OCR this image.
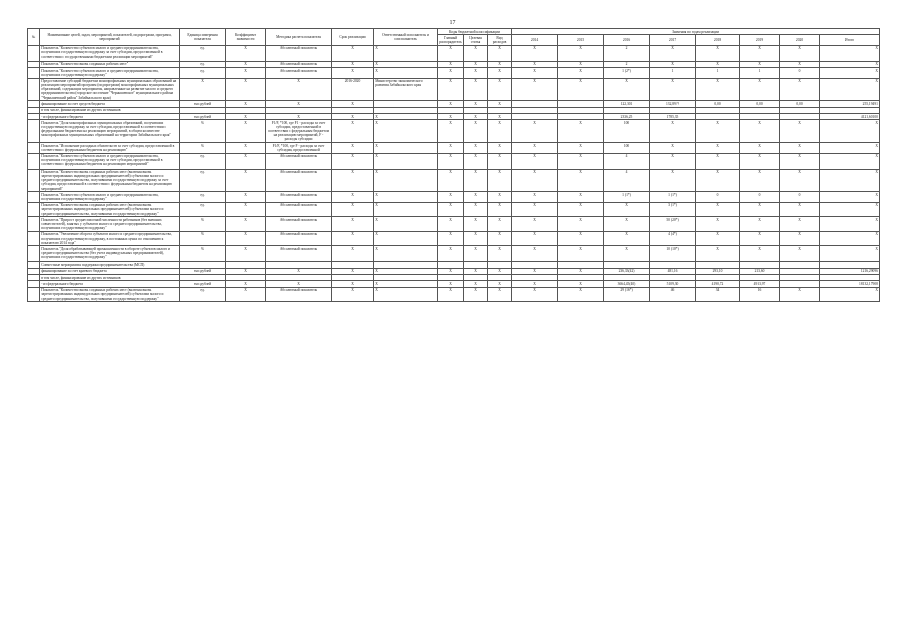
17
№	Наименование целей, задач, мероприятий, показателей, подпрограмм, программ, мероприятий	Единица измерения показателя	Коэффициент значимости	Методика расчета показателя	Срок реализации	Ответственный исполнитель и соисполнитель	Коды бюджетной классификации			Значения по годам реализации							
							Главный распорядитель	Целевая статья	Вид расходов	2014	2015	2016	2017	2018	2019	2020	Итого
	Показатель "Количество субъектов малого и среднего предпринимательства, получивших государственную поддержку за счет субсидии, предоставленной в соответствии с государственными бюджетами реализации мероприятий"	ед.	Х	Абсолютный показатель	Х	Х	Х	Х	Х	Х	Х	2	Х	Х	Х	Х	Х
	Показатель "Количество вновь созданных рабочих мест"	ед.	Х	Абсолютный показатель	Х	Х	Х	Х	Х	Х	Х	2	Х	Х	Х	Х	Х
	Показатель "Количество субъектов малого и среднего предпринимательства, получивших государственную поддержку"	ед.	Х	Абсолютный показатель	Х	Х	Х	Х	Х	Х	Х	1 (2*)	1	1	1	0	Х
	Предоставление субсидий бюджетам монопрофильных муниципальных образований на реализацию мероприятий программ (подпрограмм) монопрофильных муниципальных образований, содержащих мероприятия, направленные на развитие малого и среднего предпринимательства (городское поселение "Чернышевское" муниципального района "Чернышевский район" Забайкальского края)	Х	Х	Х	2016-2020	Министерство экономического развития Забайкальского края	Х	Х	Х	Х	Х	Х	Х	Х	Х	Х	Х
	финансирование за счет средств бюджета	тыс.рублей	Х	Х	Х		Х	Х	Х			122,301	132,89??	0,00	0,00	0,00	255,19491
	в том числе, финансирование из других источников:																
	- из федерального бюджета	тыс.рублей	Х	Х	Х	Х	Х	Х	Х			2336,25	1785,35				4121,60100
	Показатель "Доля монопрофильных муниципальных образований, получивших государственную поддержку за счет субсидии, предоставленной в соответствии с федеральными бюджетами на реализацию мероприятий, в общем количестве монопрофильных муниципальных образований на территории Забайкальского края"	%	Х	F1/F, *100, где F1 - расходы за счет субсидии, предоставленной в соответствии с федеральным бюджетом на реализацию мероприятий, F - расходы субсидии	Х	Х	Х	Х	Х	Х	Х	100	Х	Х	Х	Х	Х
	Показатель "Исполнение расходных обязательств за счет субсидии, предоставленной в соответствии с федеральным бюджетом на реализацию"	%	Х	F1/F, *100, где F - расходы за счет субсидии, предоставленной	Х	Х	Х	Х	Х	Х	Х	100	Х	Х	Х	Х	Х
	Показатель "Количество субъектов малого и среднего предпринимательства, получивших государственную поддержку за счет субсидии, предоставленной в соответствии с федеральным бюджетом на реализацию мероприятий"	ед.	Х	Абсолютный показатель	Х	Х	Х	Х	Х	Х	Х	4	Х	Х	Х	Х	Х
	Показатель "Количество вновь созданных рабочих мест (включая вновь зарегистрированных индивидуальных предпринимателей) субъектами малого и среднего предпринимательства, получившими государственную поддержку за счет субсидии, предоставленной в соответствии с федеральным бюджетом на реализацию мероприятий"	ед.	Х	Абсолютный показатель	Х	Х	Х	Х	Х	Х	Х	4	Х	Х	Х	Х	Х
	Показатель "Количество субъектов малого и среднего предпринимательства, получивших государственную поддержку"	ед.	Х	Абсолютный показатель	Х	Х	Х	Х	Х	Х	Х	1 (1*)	1 (1*)	0	0	0	Х
	Показатель "Количество вновь созданных рабочих мест (включая вновь зарегистрированных индивидуальных предпринимателей) субъектами малого и среднего предпринимательства, получившими государственную поддержку"	ед.	Х	Абсолютный показатель	Х	Х	Х	Х	Х	Х	Х	Х	3 (1*)	Х	Х	Х	Х
	Показатель "Прирост среднесписочной численности работников (без внешних совместителей), занятых у субъектов малого и среднего предпринимательства, получивших государственную поддержку"	%	Х	Абсолютный показатель	Х	Х	Х	Х	Х	Х	Х	Х	50 (20*)	Х	Х	Х	Х
	Показатель "Увеличение оборота субъектов малого и среднего предпринимательства, получивших государственную поддержку, в постоянных ценах по отношению к показателю 2014 года"	%	Х	Абсолютный показатель	Х	Х	Х	Х	Х	Х	Х	Х	4 (4*)	Х	Х	Х	Х
	Показатель "Доля обрабатывающей промышленности в обороте субъектов малого и среднего предпринимательства (без учета индивидуальных предпринимателей), получивших государственную поддержку"	%	Х	Абсолютный показатель	Х	Х	Х	Х	Х	Х	Х	Х	10 (10*)	Х	Х	Х	Х
	Совместные мероприятия поддержки предпринимательства (МСП)																
	финансирование за счет краевого бюджета	тыс.рублей	Х	Х	Х	Х	Х	Х	Х	Х	Х	236,33(42)	481,16	293,10	213,60		1216,29096
	в том числе, финансирование из других источников:																
	- из федерального бюджета	тыс.рублей	Х	Х	Х	Х	Х	Х	Х	Х	Х	3664,45(40)	5109,30	4190,72	4913,97		18132,17908
	Показатель "Количество вновь созданных рабочих мест (включая вновь зарегистрированных индивидуальных предпринимателей) субъектами малого и среднего предпринимательства, получившими государственную поддержку"	ед.	Х	Абсолютный показатель	Х	Х	Х	Х	Х	Х	Х	29 (16*)	46	34	16	Х	Х
